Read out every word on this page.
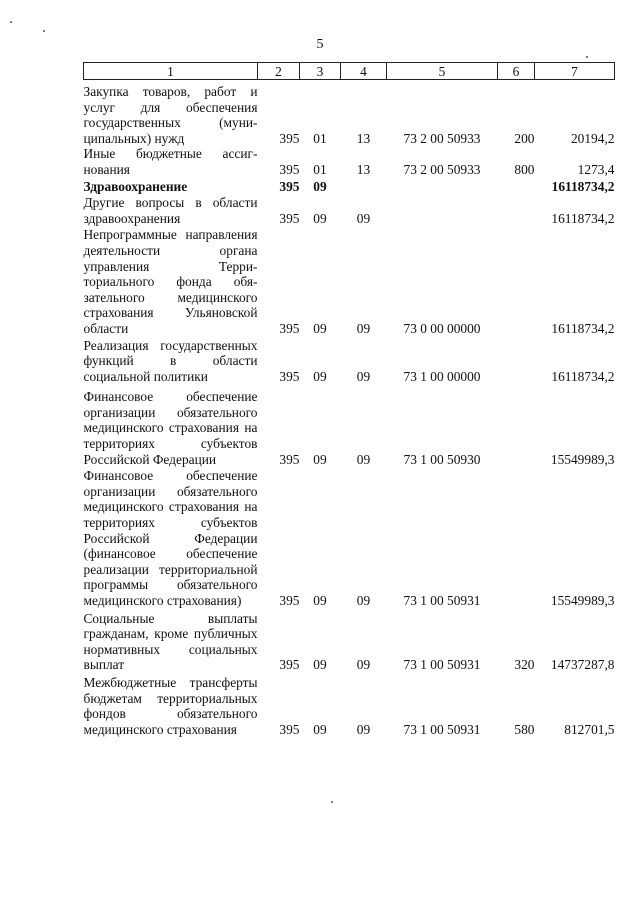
5
1	2	3	4	5	6	7
Закупка товаров, работ и услуг для обеспечения государственных (муниципальных) нужд	395	01	13	73 2 00 50933	200	20194,2
Иные бюджетные ассигнования	395	01	13	73 2 00 50933	800	1273,4
Здравоохранение	395	09				16118734,2
Другие вопросы в области здравоохранения	395	09	09			16118734,2
Непрограммные направления деятельности органа управления Территориального фонда обязательного медицинского страхования Ульяновской области	395	09	09	73 0 00 00000		16118734,2
Реализация государственных функций в области социальной политики	395	09	09	73 1 00 00000		16118734,2
Финансовое обеспечение организации обязательного медицинского страхования на территориях субъектов Российской Федерации	395	09	09	73 1 00 50930		15549989,3
Финансовое обеспечение организации обязательного медицинского страхования на территориях субъектов Российской Федерации (финансовое обеспечение реализации территориальной программы обязательного медицинского страхования)	395	09	09	73 1 00 50931		15549989,3
Социальные выплаты гражданам, кроме публичных нормативных социальных выплат	395	09	09	73 1 00 50931	320	14737287,8
Межбюджетные трансферты бюджетам территориальных фондов обязательного медицинского страхования	395	09	09	73 1 00 50931	580	812701,5
